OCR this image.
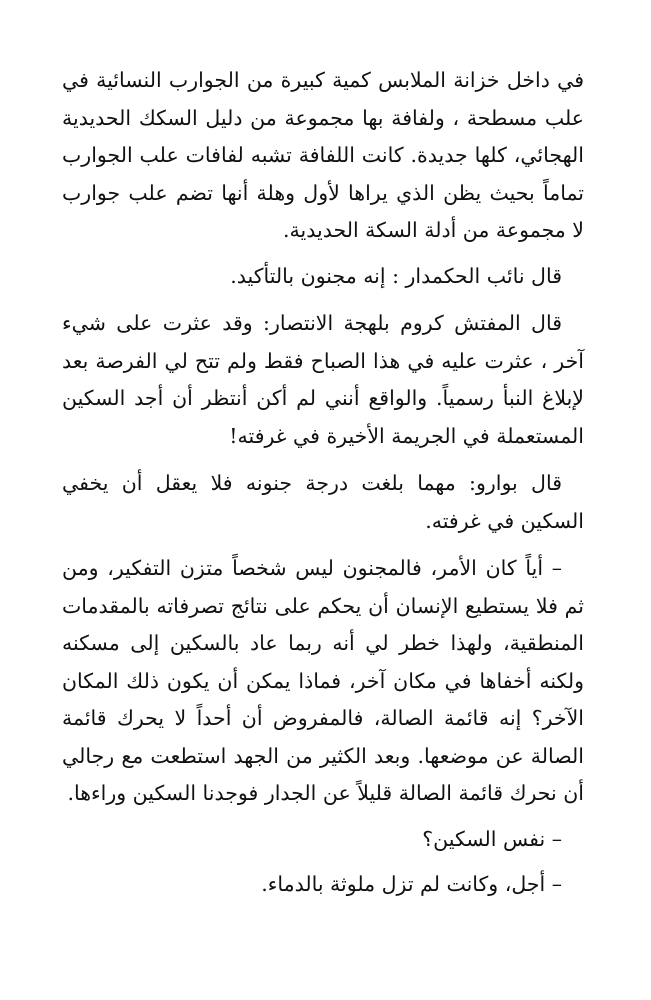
في داخل خزانة الملابس كمية كبيرة من الجوارب النسائية في علب مسطحة ، ولفافة بها مجموعة من دليل السكك الحديدية الهجائي، كلها جديدة. كانت اللفافة تشبه لفافات علب الجوارب تماماً بحيث يظن الذي يراها لأول وهلة أنها تضم علب جوارب لا مجموعة من أدلة السكة الحديدية.

قال نائب الحكمدار : إنه مجنون بالتأكيد.

قال المفتش كروم بلهجة الانتصار: وقد عثرت على شيء آخر ، عثرت عليه في هذا الصباح فقط ولم تتح لي الفرصة بعد لإبلاغ النبأ رسمياً. والواقع أنني لم أكن أنتظر أن أجد السكين المستعملة في الجريمة الأخيرة في غرفته!

قال بوارو: مهما بلغت درجة جنونه فلا يعقل أن يخفي السكين في غرفته.

– أياً كان الأمر، فالمجنون ليس شخصاً متزن التفكير، ومن ثم فلا يستطيع الإنسان أن يحكم على نتائج تصرفاته بالمقدمات المنطقية، ولهذا خطر لي أنه ربما عاد بالسكين إلى مسكنه ولكنه أخفاها في مكان آخر، فماذا يمكن أن يكون ذلك المكان الآخر؟ إنه قائمة الصالة، فالمفروض أن أحداً لا يحرك قائمة الصالة عن موضعها. وبعد الكثير من الجهد استطعت مع رجالي أن نحرك قائمة الصالة قليلاً عن الجدار فوجدنا السكين وراءها.

– نفس السكين؟

– أجل، وكانت لم تزل ملوثة بالدماء.
